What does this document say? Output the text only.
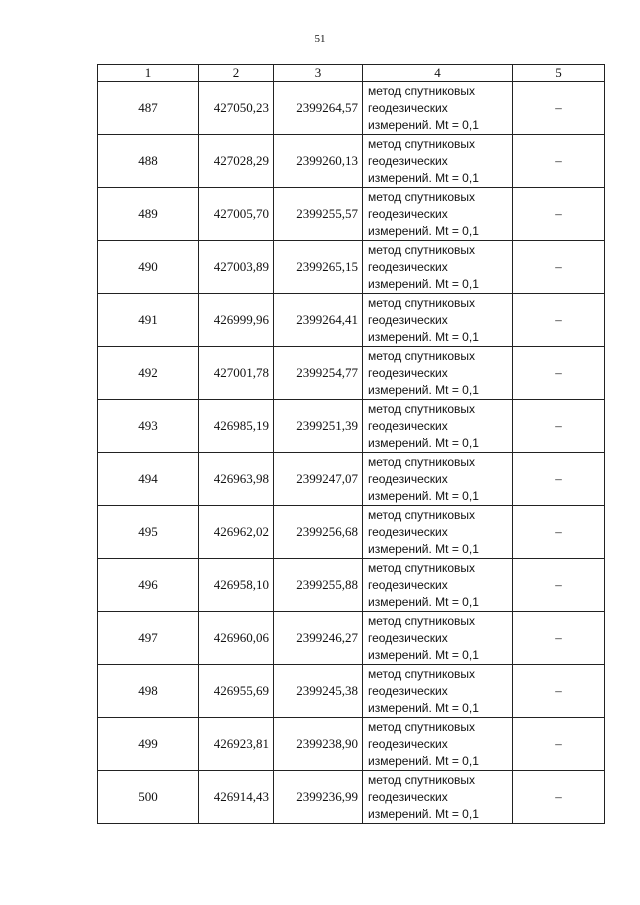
51
1	2	3	4	5
487	427050,23	2399264,57	метод спутниковых
геодезических
измерений. Mt = 0,1	–
488	427028,29	2399260,13	метод спутниковых
геодезических
измерений. Mt = 0,1	–
489	427005,70	2399255,57	метод спутниковых
геодезических
измерений. Mt = 0,1	–
490	427003,89	2399265,15	метод спутниковых
геодезических
измерений. Mt = 0,1	–
491	426999,96	2399264,41	метод спутниковых
геодезических
измерений. Mt = 0,1	–
492	427001,78	2399254,77	метод спутниковых
геодезических
измерений. Mt = 0,1	–
493	426985,19	2399251,39	метод спутниковых
геодезических
измерений. Mt = 0,1	–
494	426963,98	2399247,07	метод спутниковых
геодезических
измерений. Mt = 0,1	–
495	426962,02	2399256,68	метод спутниковых
геодезических
измерений. Mt = 0,1	–
496	426958,10	2399255,88	метод спутниковых
геодезических
измерений. Mt = 0,1	–
497	426960,06	2399246,27	метод спутниковых
геодезических
измерений. Mt = 0,1	–
498	426955,69	2399245,38	метод спутниковых
геодезических
измерений. Mt = 0,1	–
499	426923,81	2399238,90	метод спутниковых
геодезических
измерений. Mt = 0,1	–
500	426914,43	2399236,99	метод спутниковых
геодезических
измерений. Mt = 0,1	–
